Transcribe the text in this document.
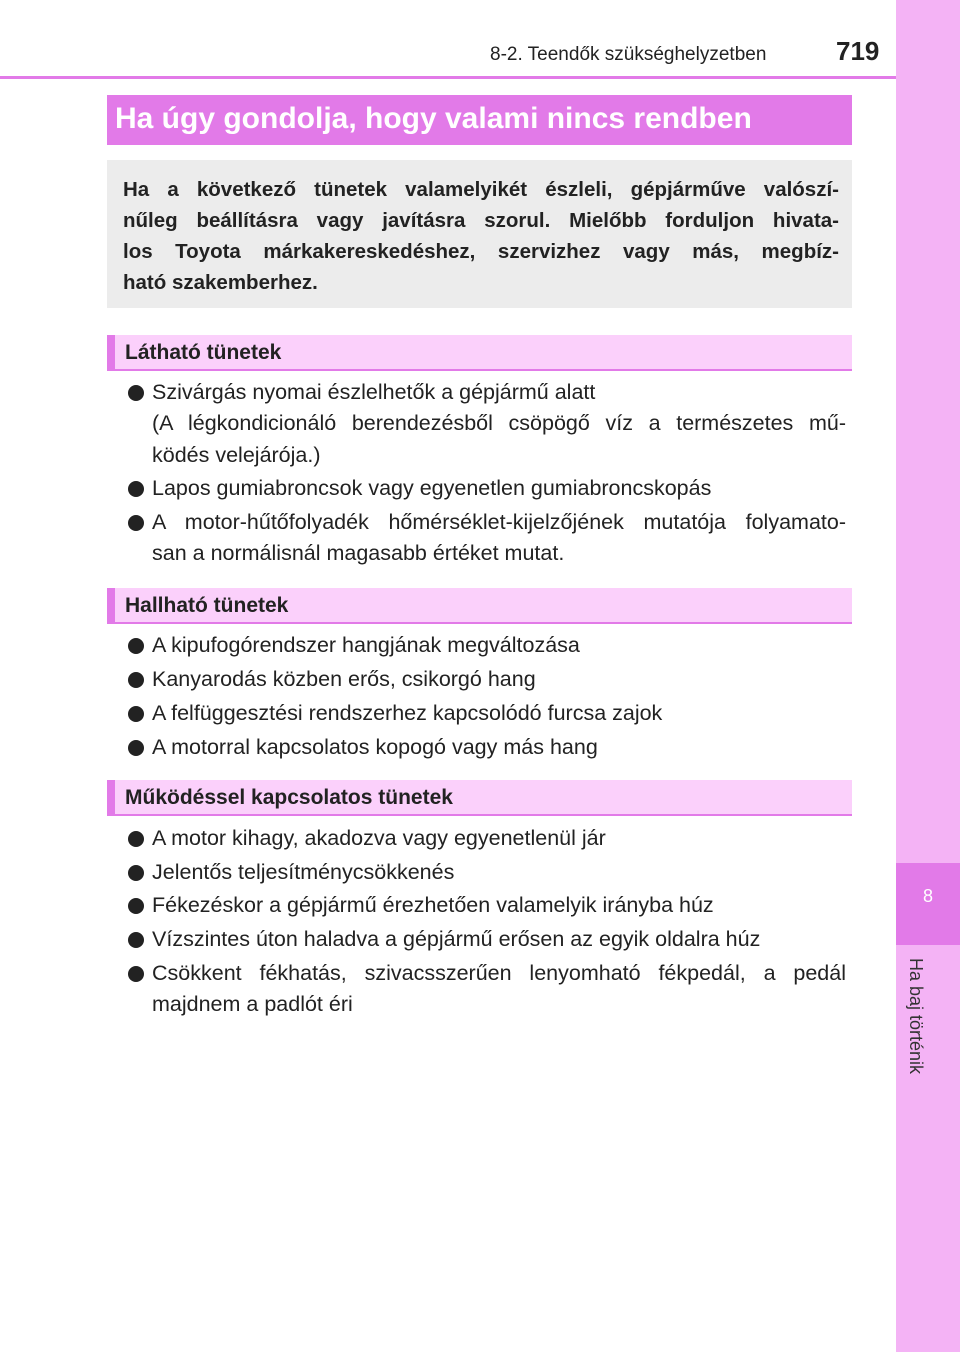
8-2. Teendők szükséghelyzetben	719
8
Ha baj történik
Ha úgy gondolja, hogy valami nincs rendben
Ha a következő tünetek valamelyikét észleli, gépjárműve valószí-
nűleg beállításra vagy javításra szorul. Mielőbb forduljon hivata-
los Toyota márkakereskedéshez, szervizhez vagy más, megbíz-
ható szakemberhez.
Látható tünetek
Szivárgás nyomai észlelhetők a gépjármű alatt
(A légkondicionáló berendezésből csöpögő víz a természetes mű-
ködés velejárója.)
Lapos gumiabroncsok vagy egyenetlen gumiabroncskopás
A motor-hűtőfolyadék hőmérséklet-kijelzőjének mutatója folyamato-
san a normálisnál magasabb értéket mutat.
Hallható tünetek
A kipufogórendszer hangjának megváltozása
Kanyarodás közben erős, csikorgó hang
A felfüggesztési rendszerhez kapcsolódó furcsa zajok
A motorral kapcsolatos kopogó vagy más hang
Működéssel kapcsolatos tünetek
A motor kihagy, akadozva vagy egyenetlenül jár
Jelentős teljesítménycsökkenés
Fékezéskor a gépjármű érezhetően valamelyik irányba húz
Vízszintes úton haladva a gépjármű erősen az egyik oldalra húz
Csökkent fékhatás, szivacsszerűen lenyomható fékpedál, a pedál
majdnem a padlót éri
